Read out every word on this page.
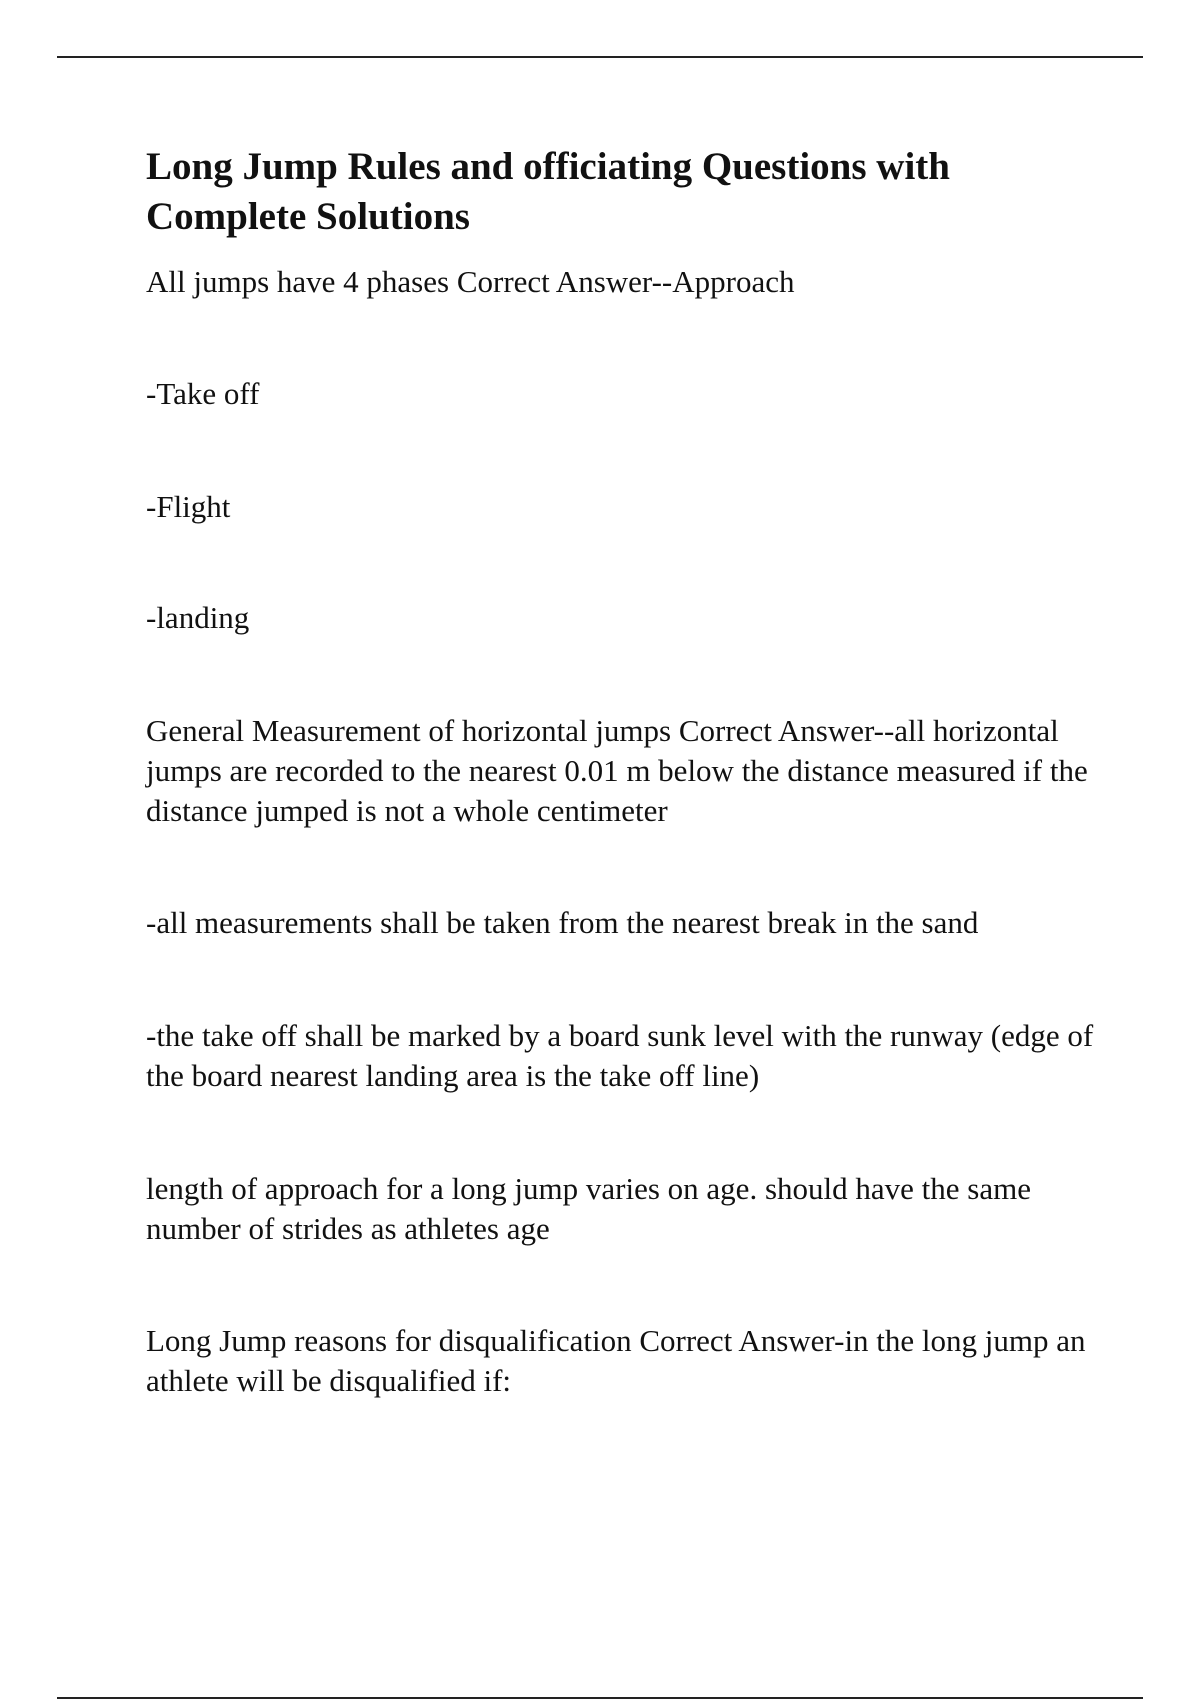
Long Jump Rules and officiating Questions with Complete Solutions

All jumps have 4 phases Correct Answer--Approach

-Take off

-Flight

-landing

General Measurement of horizontal jumps Correct Answer--all horizontal jumps are recorded to the nearest 0.01 m below the distance measured if the distance jumped is not a whole centimeter

-all measurements shall be taken from the nearest break in the sand

-the take off shall be marked by a board sunk level with the runway (edge of the board nearest landing area is the take off line)

length of approach for a long jump varies on age. should have the same number of strides as athletes age

Long Jump reasons for disqualification Correct Answer-in the long jump an athlete will be disqualified if:
